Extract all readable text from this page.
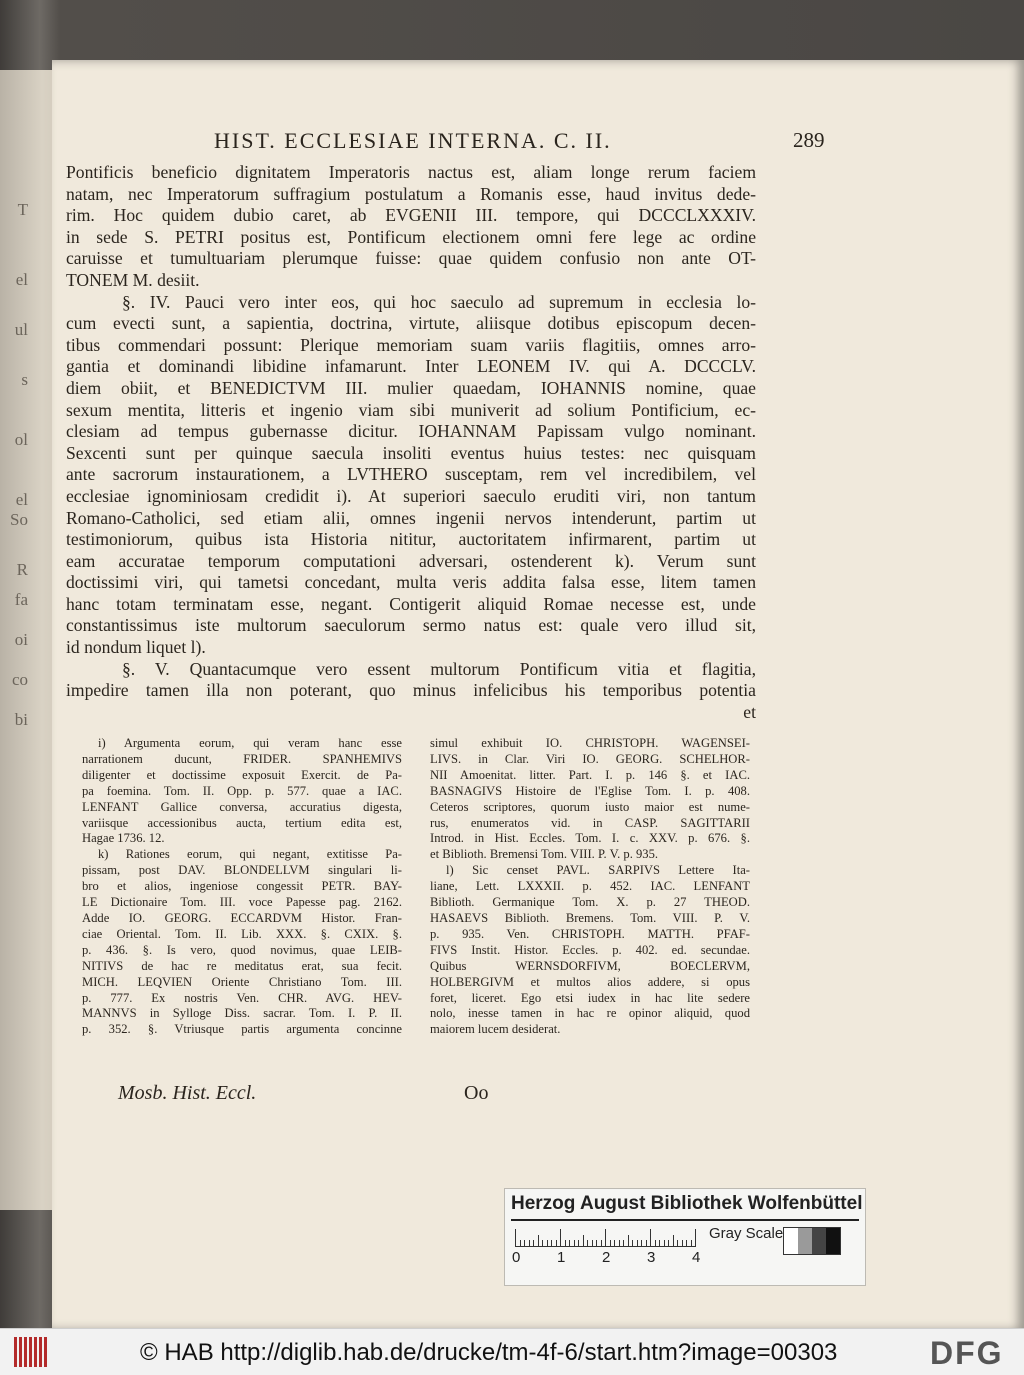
T
el
ul
s
ol
el
So
R
fa
oi
co
bi
HIST. ECCLESIAE INTERNA. C. II.	289
Pontificis beneficio dignitatem Imperatoris nactus est, aliam longe rerum faciem
natam, nec Imperatorum suffragium postulatum a Romanis esse, haud invitus dede-
rim. Hoc quidem dubio caret, ab EVGENII III. tempore, qui DCCCLXXXIV.
in sede S. PETRI positus est, Pontificum electionem omni fere lege ac ordine
caruisse et tumultuariam plerumque fuisse: quae quidem confusio non ante OT-
TONEM M. desiit.
§. IV. Pauci vero inter eos, qui hoc saeculo ad supremum in ecclesia lo-
cum evecti sunt, a sapientia, doctrina, virtute, aliisque dotibus episcopum decen-
tibus commendari possunt: Plerique memoriam suam variis flagitiis, omnes arro-
gantia et dominandi libidine infamarunt. Inter LEONEM IV. qui A. DCCCLV.
diem obiit, et BENEDICTVM III. mulier quaedam, IOHANNIS nomine, quae
sexum mentita, litteris et ingenio viam sibi muniverit ad solium Pontificium, ec-
clesiam ad tempus gubernasse dicitur. IOHANNAM Papissam vulgo nominant.
Sexcenti sunt per quinque saecula insoliti eventus huius testes: nec quisquam
ante sacrorum instaurationem, a LVTHERO susceptam, rem vel incredibilem, vel
ecclesiae ignominiosam credidit i). At superiori saeculo eruditi viri, non tantum
Romano-Catholici, sed etiam alii, omnes ingenii nervos intenderunt, partim ut
testimoniorum, quibus ista Historia nititur, auctoritatem infirmarent, partim ut
eam accuratae temporum computationi adversari, ostenderent k). Verum sunt
doctissimi viri, qui tametsi concedant, multa veris addita falsa esse, litem tamen
hanc totam terminatam esse, negant. Contigerit aliquid Romae necesse est, unde
constantissimus iste multorum saeculorum sermo natus est: quale vero illud sit,
id nondum liquet l).
§. V. Quantacumque vero essent multorum Pontificum vitia et flagitia,
impedire tamen illa non poterant, quo minus infelicibus his temporibus potentia
et
i) Argumenta eorum, qui veram hanc esse
narrationem ducunt, FRIDER. SPANHEMIVS
diligenter et doctissime exposuit Exercit. de Pa-
pa foemina. Tom. II. Opp. p. 577. quae a IAC.
LENFANT Gallice conversa, accuratius digesta,
variisque accessionibus aucta, tertium edita est,
Hagae 1736. 12.
k) Rationes eorum, qui negant, extitisse Pa-
pissam, post DAV. BLONDELLVM singulari li-
bro et alios, ingeniose congessit PETR. BAY-
LE Dictionaire Tom. III. voce Papesse pag. 2162.
Adde IO. GEORG. ECCARDVM Histor. Fran-
ciae Oriental. Tom. II. Lib. XXX. §. CXIX. §.
p. 436. §. Is vero, quod novimus, quae LEIB-
NITIVS de hac re meditatus erat, sua fecit.
MICH. LEQVIEN Oriente Christiano Tom. III.
p. 777. Ex nostris Ven. CHR. AVG. HEV-
MANNVS in Sylloge Diss. sacrar. Tom. I. P. II.
p. 352. §. Vtriusque partis argumenta concinne
simul exhibuit IO. CHRISTOPH. WAGENSEI-
LIVS. in Clar. Viri IO. GEORG. SCHELHOR-
NII Amoenitat. litter. Part. I. p. 146 §. et IAC.
BASNAGIVS Histoire de l'Eglise Tom. I. p. 408.
Ceteros scriptores, quorum iusto maior est nume-
rus, enumeratos vid. in CASP. SAGITTARII
Introd. in Hist. Eccles. Tom. I. c. XXV. p. 676. §.
et Biblioth. Bremensi Tom. VIII. P. V. p. 935.
l) Sic censet PAVL. SARPIVS Lettere Ita-
liane, Lett. LXXXII. p. 452. IAC. LENFANT
Biblioth. Germanique Tom. X. p. 27 THEOD.
HASAEVS Biblioth. Bremens. Tom. VIII. P. V.
p. 935. Ven. CHRISTOPH. MATTH. PFAF-
FIVS Instit. Histor. Eccles. p. 402. ed. secundae.
Quibus WERNSDORFIVM, BOECLERVM,
HOLBERGIVM et multos alios addere, si opus
foret, liceret. Ego etsi iudex in hac lite sedere
nolo, inesse tamen in hac re opinor aliquid, quod
maiorem lucem desiderat.
Mosb. Hist. Eccl.	Oo
Herzog August Bibliothek Wolfenbüttel
0 1 2 3 4
Gray Scale
© HAB http://diglib.hab.de/drucke/tm-4f-6/start.htm?image=00303	DFG
